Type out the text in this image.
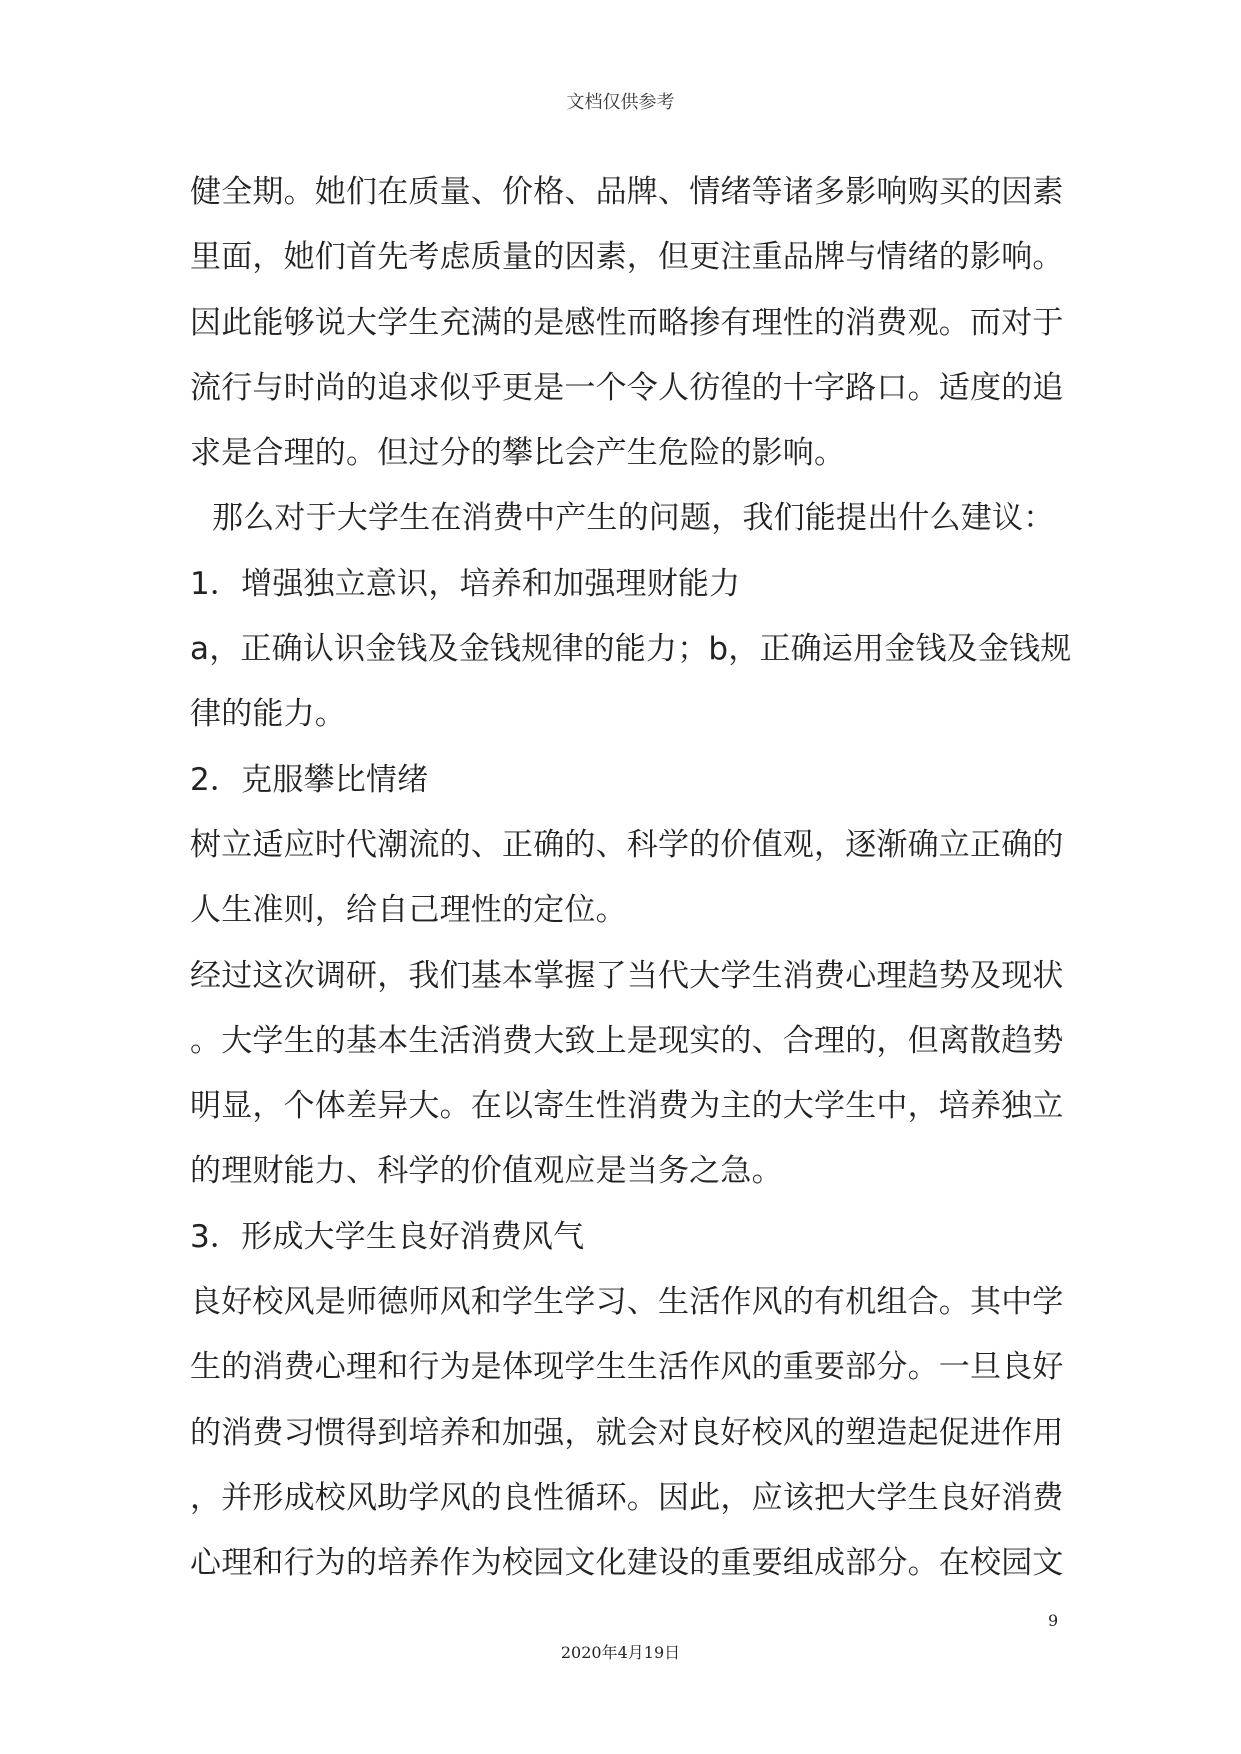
文档仅供参考
健全期。她们在质量、价格、品牌、情绪等诸多影响购买的因素
里面，她们首先考虑质量的因素，但更注重品牌与情绪的影响。
因此能够说大学生充满的是感性而略掺有理性的消费观。而对于
流行与时尚的追求似乎更是一个令人彷徨的十字路口。适度的追
求是合理的。但过分的攀比会产生危险的影响。
那么对于大学生在消费中产生的问题，我们能提出什么建议：
1．增强独立意识，培养和加强理财能力
a，正确认识金钱及金钱规律的能力；b，正确运用金钱及金钱规
律的能力。
2．克服攀比情绪
树立适应时代潮流的、正确的、科学的价值观，逐渐确立正确的
人生准则，给自己理性的定位。
经过这次调研，我们基本掌握了当代大学生消费心理趋势及现状
。大学生的基本生活消费大致上是现实的、合理的，但离散趋势
明显，个体差异大。在以寄生性消费为主的大学生中，培养独立
的理财能力、科学的价值观应是当务之急。
3．形成大学生良好消费风气
良好校风是师德师风和学生学习、生活作风的有机组合。其中学
生的消费心理和行为是体现学生生活作风的重要部分。一旦良好
的消费习惯得到培养和加强，就会对良好校风的塑造起促进作用
，并形成校风助学风的良性循环。因此，应该把大学生良好消费
心理和行为的培养作为校园文化建设的重要组成部分。在校园文
9
2020年4月19日
